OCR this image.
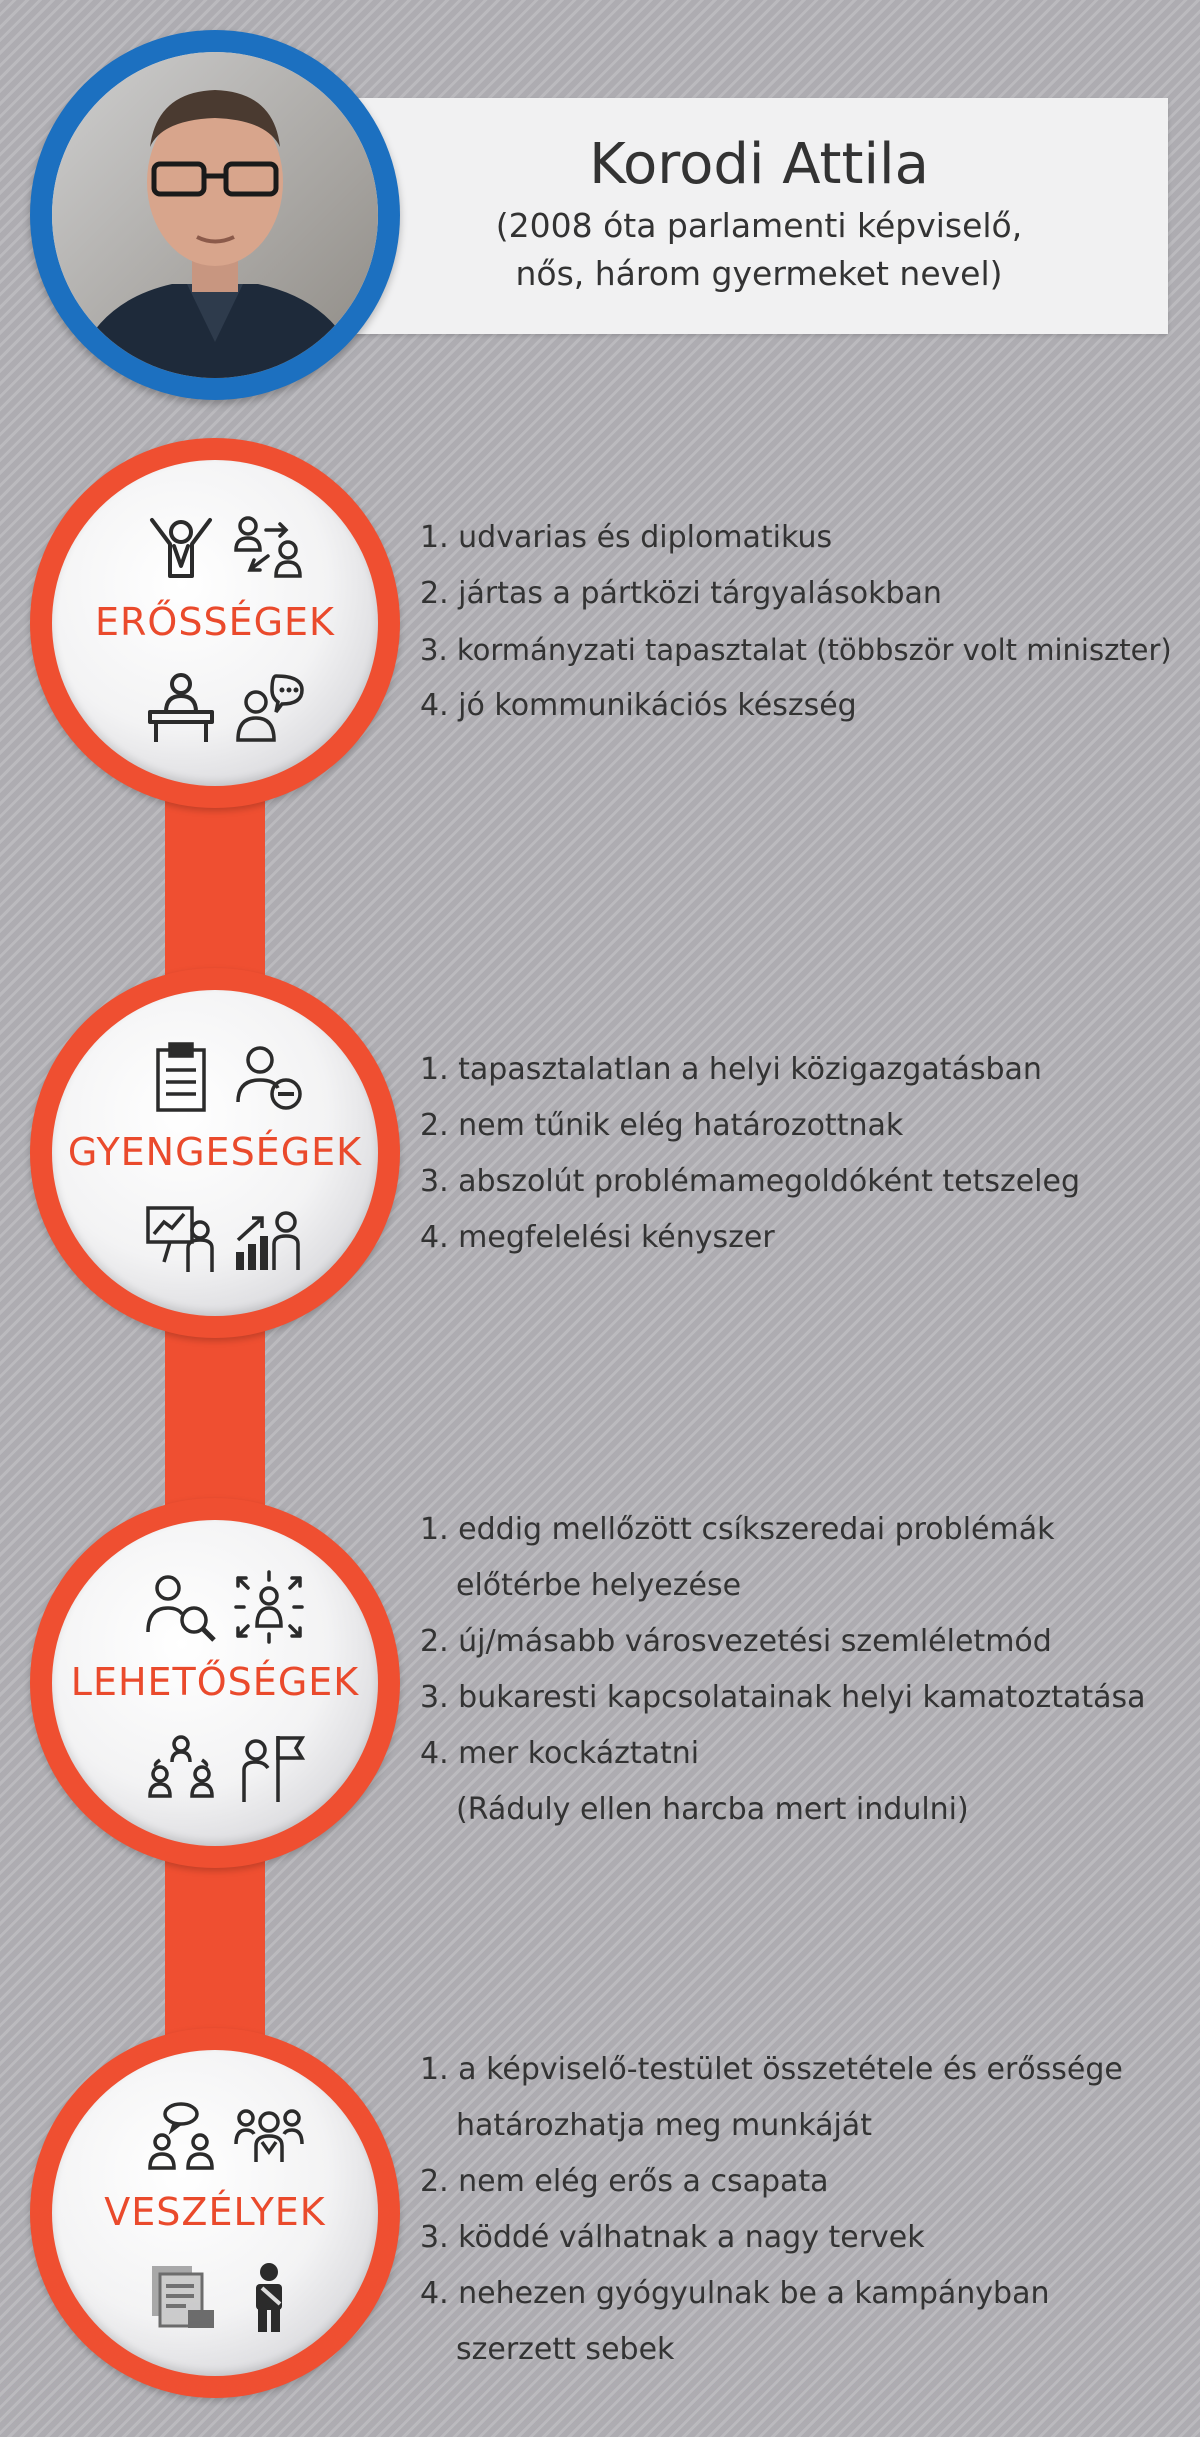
Korodi Attila
(2008 óta parlamenti képviselő,
nős, három gyermeket nevel)
ERŐSSÉGEK
1. udvarias és diplomatikus
2. jártas a pártközi tárgyalásokban
3. kormányzati tapasztalat (többször volt miniszter)
4. jó kommunikációs készség
GYENGESÉGEK
1. tapasztalatlan a helyi közigazgatásban
2. nem tűnik elég határozottnak
3. abszolút problémamegoldóként tetszeleg
4. megfelelési kényszer
LEHETŐSÉGEK
1. eddig mellőzött csíkszeredai problémák
előtérbe helyezése
2. új/másabb városvezetési szemléletmód
3. bukaresti kapcsolatainak helyi kamatoztatása
4. mer kockáztatni
(Ráduly ellen harcba mert indulni)
VESZÉLYEK
1. a képviselő-testület összetétele és erőssége
határozhatja meg munkáját
2. nem elég erős a csapata
3. köddé válhatnak a nagy tervek
4. nehezen gyógyulnak be a kampányban
szerzett sebek
